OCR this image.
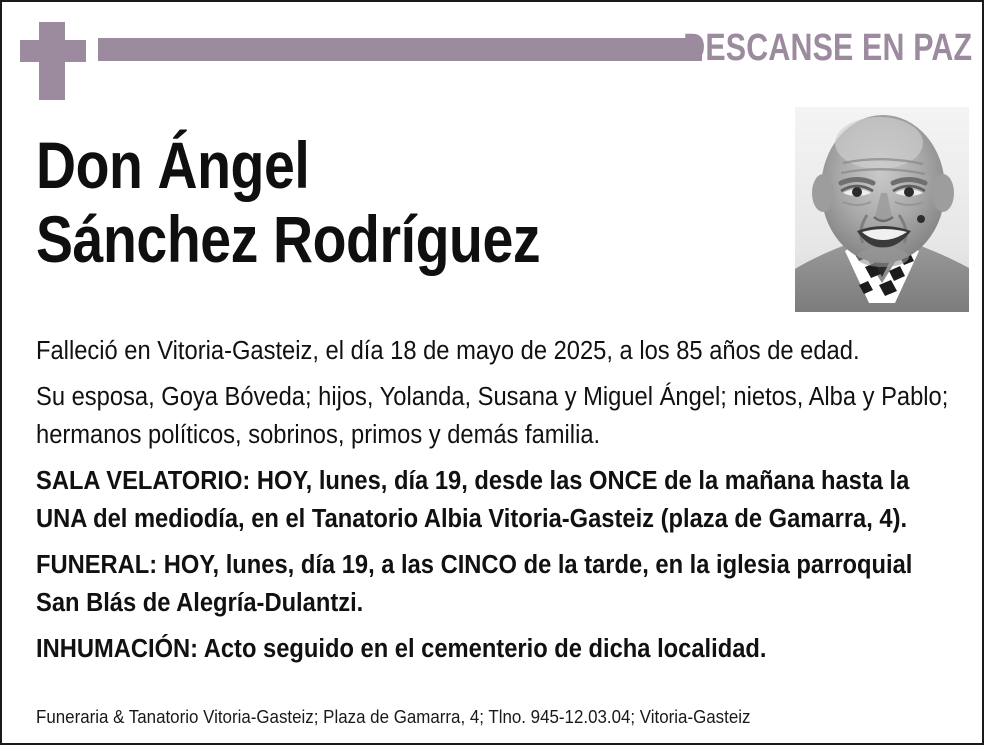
DESCANSE EN PAZ
Don Ángel
Sánchez Rodríguez

Falleció en Vitoria-Gasteiz, el día 18 de mayo de 2025, a los 85 años de edad.

Su esposa, Goya Bóveda; hijos, Yolanda, Susana y Miguel Ángel; nietos, Alba y Pablo; hermanos políticos, sobrinos, primos y demás familia.

SALA VELATORIO: HOY, lunes, día 19, desde las ONCE de la mañana hasta la UNA del mediodía, en el Tanatorio Albia Vitoria-Gasteiz (plaza de Gamarra, 4).

FUNERAL: HOY, lunes, día 19, a las CINCO de la tarde, en la iglesia parroquial San Blás de Alegría-Dulantzi.

INHUMACIÓN: Acto seguido en el cementerio de dicha localidad.

Funeraria & Tanatorio Vitoria-Gasteiz; Plaza de Gamarra, 4; Tlno. 945-12.03.04; Vitoria-Gasteiz
